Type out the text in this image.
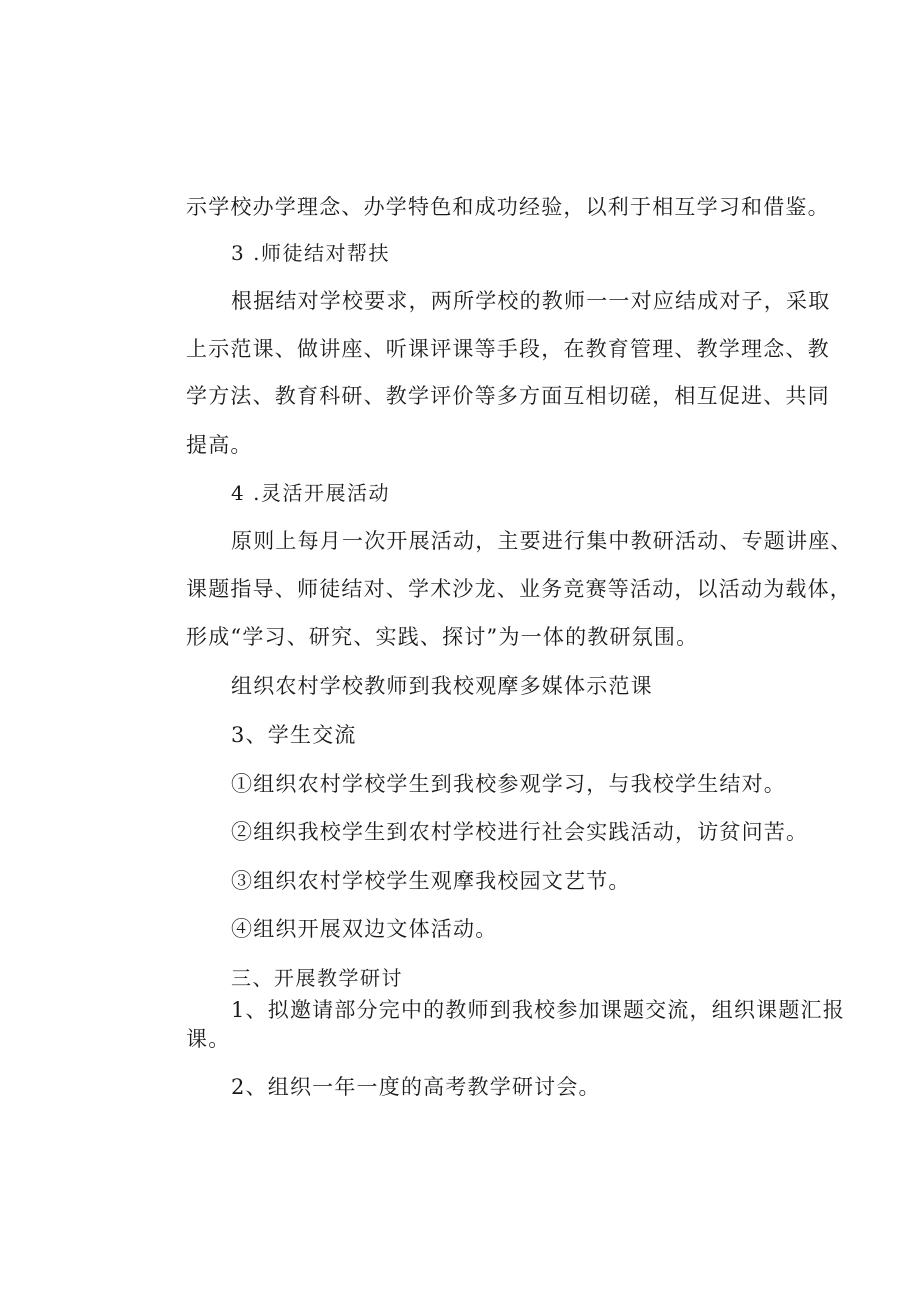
示学校办学理念、办学特色和成功经验，以利于相互学习和借鉴。
3 .师徒结对帮扶
根据结对学校要求，两所学校的教师一一对应结成对子，采取
上示范课、做讲座、听课评课等手段，在教育管理、教学理念、教
学方法、教育科研、教学评价等多方面互相切磋，相互促进、共同
提高。
4 .灵活开展活动
原则上每月一次开展活动，主要进行集中教研活动、专题讲座、
课题指导、师徒结对、学术沙龙、业务竞赛等活动，以活动为载体，
形成“学习、研究、实践、探讨”为一体的教研氛围。
组织农村学校教师到我校观摩多媒体示范课
3、学生交流
①组织农村学校学生到我校参观学习，与我校学生结对。
②组织我校学生到农村学校进行社会实践活动，访贫问苦。
③组织农村学校学生观摩我校园文艺节。
④组织开展双边文体活动。
三、开展教学研讨
1、拟邀请部分完中的教师到我校参加课题交流，组织课题汇报
课。
2、组织一年一度的高考教学研讨会。
